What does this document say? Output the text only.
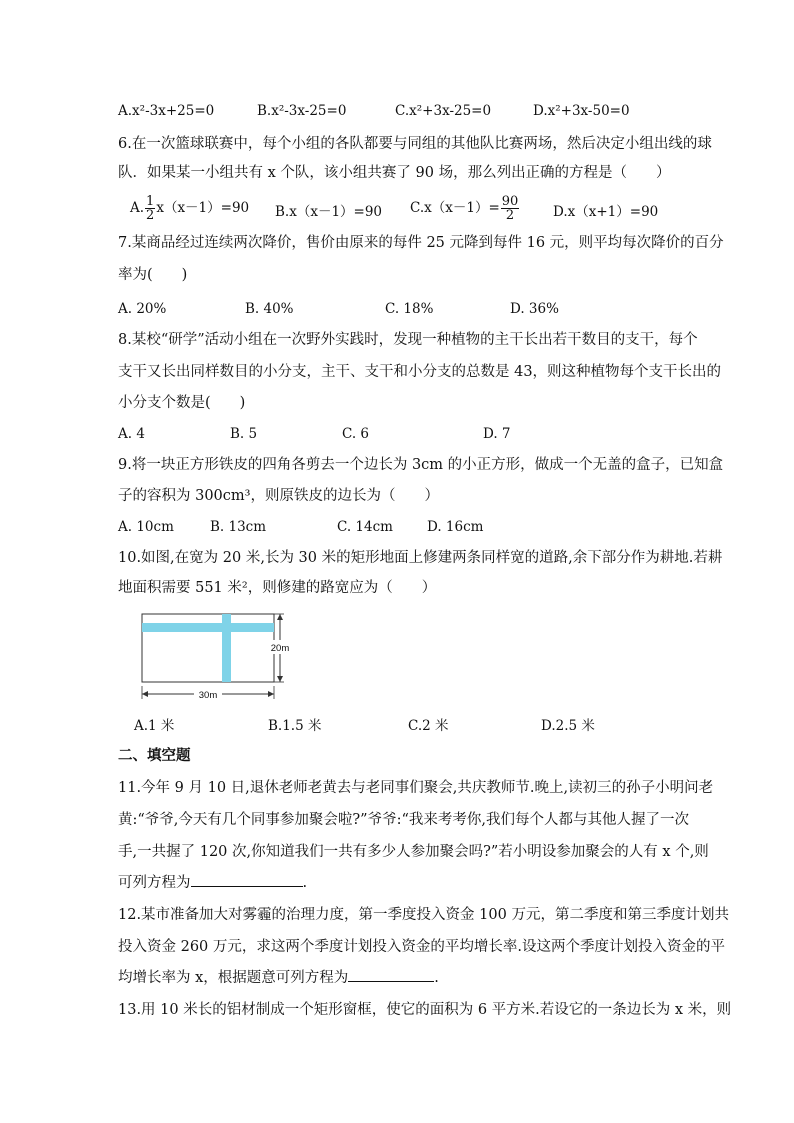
A.x²-3x+25=0	B.x²-3x-25=0	C.x²+3x-25=0	D.x²+3x-50=0
6.在一次篮球联赛中，每个小组的各队都要与同组的其他队比赛两场，然后决定小组出线的球
队．如果某一小组共有 x 个队，该小组共赛了 90 场，那么列出正确的方程是（　　）
A. $\frac{1}{2} x(x-1)=90$ B.x（x－1）=90 $C.x(x-1)= \frac{90}{2} D.x(x+1)=90$
7.某商品经过连续两次降价，售价由原来的每件 25 元降到每件 16 元，则平均每次降价的百分
率为(　　)
A. 20%	B. 40%	C. 18%	D. 36%
8.某校“研学”活动小组在一次野外实践时，发现一种植物的主干长出若干数目的支干，每个
支干又长出同样数目的小分支，主干、支干和小分支的总数是 43，则这种植物每个支干长出的
小分支个数是(　　)
A. 4	B. 5	C. 6	D. 7
9.将一块正方形铁皮的四角各剪去一个边长为 3cm 的小正方形，做成一个无盖的盒子，已知盒
子的容积为 300cm³，则原铁皮的边长为（　　）
A. 10cm	B. 13cm	C. 14cm	D. 16cm
10.如图,在宽为 20 米,长为 30 米的矩形地面上修建两条同样宽的道路,余下部分作为耕地.若耕
地面积需要 551 米²，则修建的路宽应为（　　）
20m
30m
A.1 米	B.1.5 米	C.2 米	D.2.5 米
二、填空题
11.今年 9 月 10 日,退休老师老黄去与老同事们聚会,共庆教师节.晚上,读初三的孙子小明问老
黄:“爷爷,今天有几个同事参加聚会啦?”爷爷:“我来考考你,我们每个人都与其他人握了一次
手,一共握了 120 次,你知道我们一共有多少人参加聚会吗?”若小明设参加聚会的人有 x 个,则
可列方程为	.
12.某市准备加大对雾霾的治理力度，第一季度投入资金 100 万元，第二季度和第三季度计划共
投入资金 260 万元，求这两个季度计划投入资金的平均增长率.设这两个季度计划投入资金的平
均增长率为 x，根据题意可列方程为	.
13.用 10 米长的铝材制成一个矩形窗框，使它的面积为 6 平方米.若设它的一条边长为 x 米，则
